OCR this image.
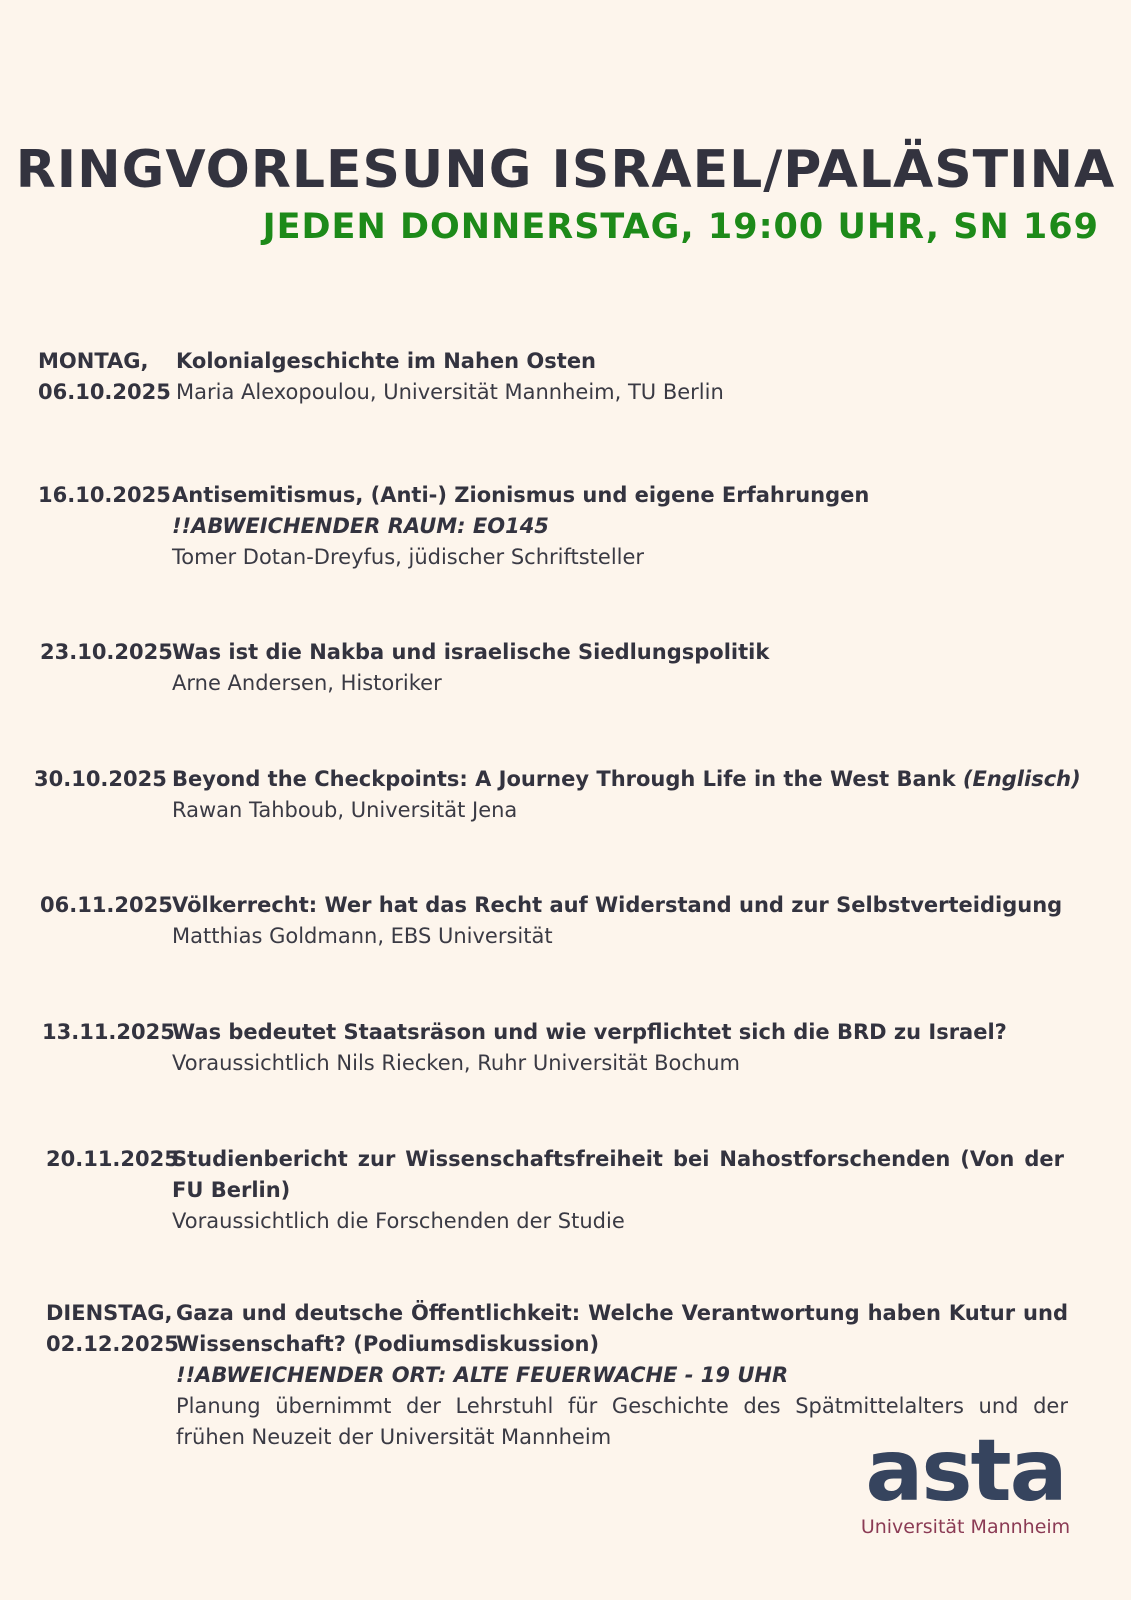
RINGVORLESUNG ISRAEL/PALÄSTINA
JEDEN DONNERSTAG, 19:00 UHR, SN 169
MONTAG,
06.10.2025
Kolonialgeschichte im Nahen Osten
Maria Alexopoulou, Universität Mannheim, TU Berlin
16.10.2025 Antisemitismus, (Anti-) Zionismus und eigene Erfahrungen
!!ABWEICHENDER RAUM: EO145
Tomer Dotan-Dreyfus, jüdischer Schriftsteller
23.10.2025 Was ist die Nakba und israelische Siedlungspolitik
Arne Andersen, Historiker
30.10.2025 Beyond the Checkpoints: A Journey Through Life in the West Bank (Englisch)
Rawan Tahboub, Universität Jena
06.11.2025 Völkerrecht: Wer hat das Recht auf Widerstand und zur Selbstverteidigung
Matthias Goldmann, EBS Universität
13.11.2025
Was bedeutet Staatsräson und wie verpflichtet sich die BRD zu Israel?
Voraussichtlich Nils Riecken, Ruhr Universität Bochum
20.11.2025
Studienbericht zur Wissenschaftsfreiheit bei Nahostforschenden (Von der FU Berlin)
Voraussichtlich die Forschenden der Studie
DIENSTAG,
02.12.2025
Gaza und deutsche Öffentlichkeit: Welche Verantwortung haben Kutur und Wissenschaft? (Podiumsdiskussion)
!!ABWEICHENDER ORT: ALTE FEUERWACHE - 19 UHR
Planung übernimmt der Lehrstuhl für Geschichte des Spätmittelalters und der frühen Neuzeit der Universität Mannheim	asta
Universität Mannheim
